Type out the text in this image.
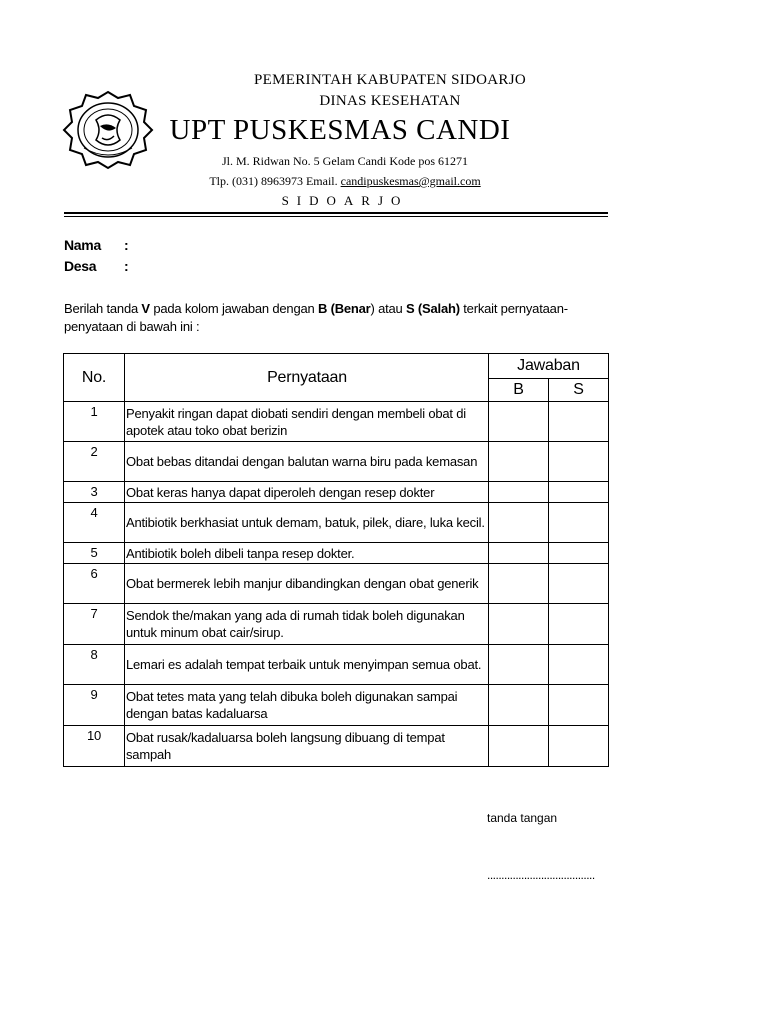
PEMERINTAH KABUPATEN SIDOARJO
DINAS KESEHATAN
UPT PUSKESMAS CANDI
Jl. M. Ridwan No. 5 Gelam Candi Kode pos 61271
Tlp. (031) 8963973 Email. candipuskesmas@gmail.com
SIDOARJO
Nama :
Desa :
Berilah tanda V pada kolom jawaban dengan B (Benar) atau S (Salah) terkait pernyataan-penyataan di bawah ini :
No.	Pernyataan	Jawaban	
		B	S
1	Penyakit ringan dapat diobati sendiri dengan membeli obat di apotek atau toko obat berizin		
2	Obat bebas ditandai dengan balutan warna biru pada kemasan		
3	Obat keras hanya dapat diperoleh dengan resep dokter		
4	Antibiotik berkhasiat untuk demam, batuk, pilek, diare, luka kecil.		
5	Antibiotik boleh dibeli tanpa resep dokter.		
6	Obat bermerek lebih manjur dibandingkan dengan obat generik		
7	Sendok the/makan yang ada di rumah tidak boleh digunakan untuk minum obat cair/sirup.		
8	Lemari es adalah tempat terbaik untuk menyimpan semua obat.		
9	Obat tetes mata yang telah dibuka boleh digunakan sampai dengan batas kadaluarsa		
10	Obat rusak/kadaluarsa boleh langsung dibuang di tempat sampah		
tanda tangan
......................................
